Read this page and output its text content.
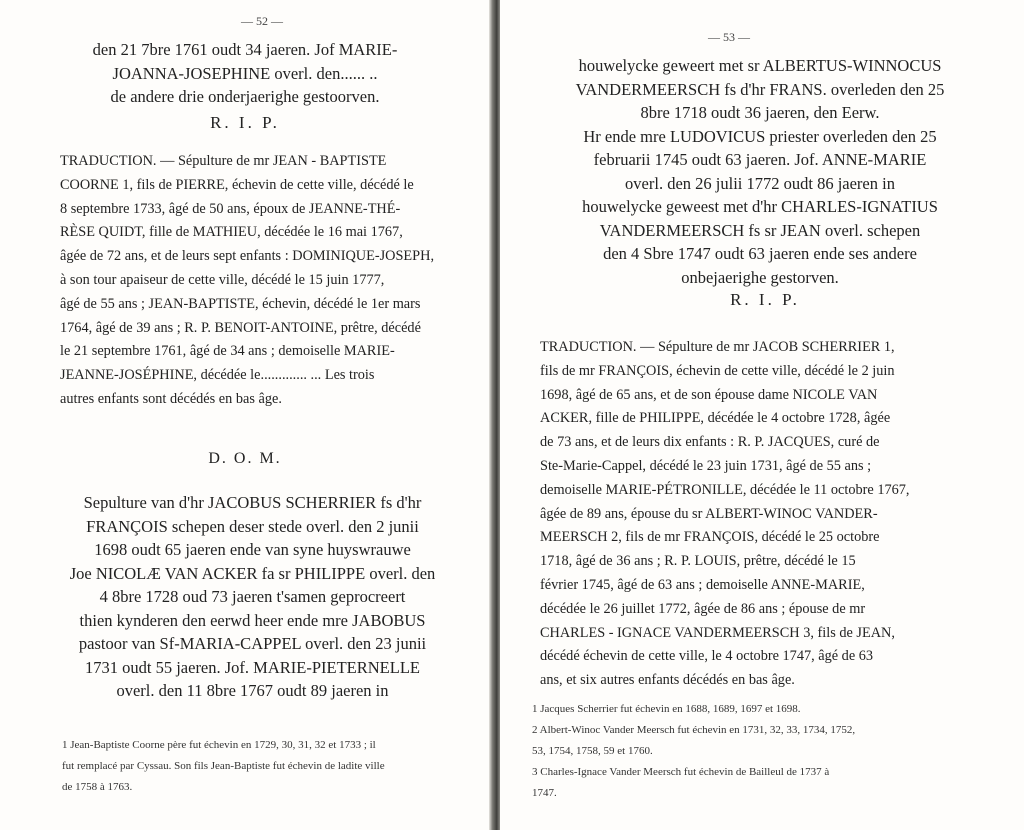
— 52 —
den 21 7bre 1761 oudt 34 jaeren. Jof MARIE-
JOANNA-JOSEPHINE overl. den...... ..
de andere drie onderjaerighe gestoorven.
R. I. P.
TRADUCTION. — Sépulture de mr JEAN - BAPTISTE
COORNE 1, fils de PIERRE, échevin de cette ville, décédé le
8 septembre 1733, âgé de 50 ans, époux de JEANNE-THÉ-
RÈSE QUIDT, fille de MATHIEU, décédée le 16 mai 1767,
âgée de 72 ans, et de leurs sept enfants : DOMINIQUE-JOSEPH,
à son tour apaiseur de cette ville, décédé le 15 juin 1777,
âgé de 55 ans ; JEAN-BAPTISTE, échevin, décédé le 1er mars
1764, âgé de 39 ans ; R. P. BENOIT-ANTOINE, prêtre, décédé
le 21 septembre 1761, âgé de 34 ans ; demoiselle MARIE-
JEANNE-JOSÉPHINE, décédée le............. ... Les trois
autres enfants sont décédés en bas âge.
D. O. M.
Sepulture van d'hr JACOBUS SCHERRIER fs d'hr
FRANÇOIS schepen deser stede overl. den 2 junii
1698 oudt 65 jaeren ende van syne huyswrauwe
Joe NICOLÆ VAN ACKER fa sr PHILIPPE overl. den
4 8bre 1728 oud 73 jaeren t'samen geprocreert
thien kynderen den eerwd heer ende mre JABOBUS
pastoor van Sf-MARIA-CAPPEL overl. den 23 junii
1731 oudt 55 jaeren. Jof. MARIE-PIETERNELLE
overl. den 11 8bre 1767 oudt 89 jaeren in
1 Jean-Baptiste Coorne père fut échevin en 1729, 30, 31, 32 et 1733 ; il
fut remplacé par Cyssau. Son fils Jean-Baptiste fut échevin de ladite ville
de 1758 à 1763.
— 53 —
houwelycke geweert met sr ALBERTUS-WINNOCUS
VANDERMEERSCH fs d'hr FRANS. overleden den 25
8bre 1718 oudt 36 jaeren, den Eerw.
Hr ende mre LUDOVICUS priester overleden den 25
februarii 1745 oudt 63 jaeren. Jof. ANNE-MARIE
overl. den 26 julii 1772 oudt 86 jaeren in
houwelycke geweest met d'hr CHARLES-IGNATIUS
VANDERMEERSCH fs sr JEAN overl. schepen
den 4 Sbre 1747 oudt 63 jaeren ende ses andere
onbejaerighe gestorven.
R. I. P.
TRADUCTION. — Sépulture de mr JACOB SCHERRIER 1,
fils de mr FRANÇOIS, échevin de cette ville, décédé le 2 juin
1698, âgé de 65 ans, et de son épouse dame NICOLE VAN
ACKER, fille de PHILIPPE, décédée le 4 octobre 1728, âgée
de 73 ans, et de leurs dix enfants : R. P. JACQUES, curé de
Ste-Marie-Cappel, décédé le 23 juin 1731, âgé de 55 ans ;
demoiselle MARIE-PÉTRONILLE, décédée le 11 octobre 1767,
âgée de 89 ans, épouse du sr ALBERT-WINOC VANDER-
MEERSCH 2, fils de mr FRANÇOIS, décédé le 25 octobre
1718, âgé de 36 ans ; R. P. LOUIS, prêtre, décédé le 15
février 1745, âgé de 63 ans ; demoiselle ANNE-MARIE,
décédée le 26 juillet 1772, âgée de 86 ans ; épouse de mr
CHARLES - IGNACE VANDERMEERSCH 3, fils de JEAN,
décédé échevin de cette ville, le 4 octobre 1747, âgé de 63
ans, et six autres enfants décédés en bas âge.
1 Jacques Scherrier fut échevin en 1688, 1689, 1697 et 1698.
2 Albert-Winoc Vander Meersch fut échevin en 1731, 32, 33, 1734, 1752,
53, 1754, 1758, 59 et 1760.
3 Charles-Ignace Vander Meersch fut échevin de Bailleul de 1737 à
1747.
